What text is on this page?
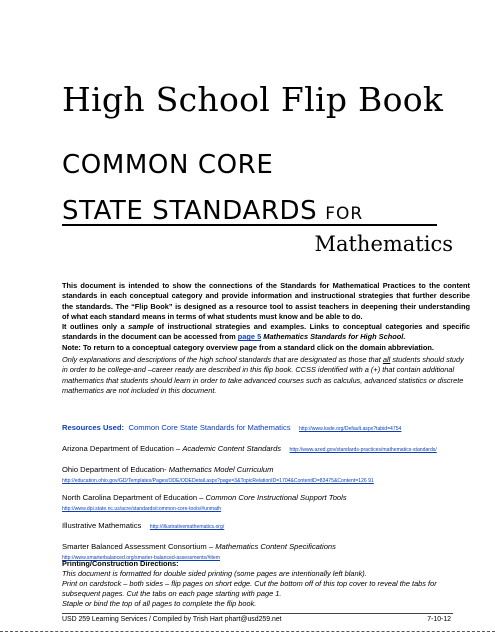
High School Flip Book
COMMON CORE
STATE STANDARDS FOR
Mathematics
This document is intended to show the connections of the Standards for Mathematical Practices to the content standards in each conceptual category and provide information and instructional strategies that further describe the standards. The “Flip Book” is designed as a resource tool to assist teachers in deepening their understanding of what each standard means in terms of what students must know and be able to do.
It outlines only a sample of instructional strategies and examples. Links to conceptual categories and specific standards in the document can be accessed from page 5 Mathematics Standards for High School.
Note: To return to a conceptual category overview page from a standard click on the domain abbreviation.
Only explanations and descriptions of the high school standards that are designated as those that all students should study in order to be college-and –career ready are described in this flip book. CCSS identified with a (+) that contain additional mathematics that students should learn in order to take advanced courses such as calculus, advanced statistics or discrete mathematics are not included in this document.
Resources Used: Common Core State Standards for Mathematics http://www.ksde.org/Default.aspx?tabid=4754
Arizona Department of Education – Academic Content Standards http://www.azed.gov/standards-practices/mathematics-standards/
Ohio Department of Education- Mathematics Model Curriculum
http://education.ohio.gov/GD/Templates/Pages/ODE/ODEDetail.aspx?page=3&TopicRelationID=1704&ContentID=83475&Content=126 91
North Carolina Department of Education – Common Core Instructional Support Tools
http://www.dpi.state.nc.us/acre/standards/common-core-tools/#unmath
Illustrative Mathematics http://illustrativemathematics.org/
Smarter Balanced Assessment Consortium – Mathematics Content Specifications
http://www.smarterbalanced.org/smarter-balanced-assessments/#item
Printing/Construction Directions:
This document is formatted for double sided printing (some pages are intentionally left blank).
Print on cardstock – both sides – flip pages on short edge. Cut the bottom off of this top cover to reveal the tabs for subsequent pages. Cut the tabs on each page starting with page 1.
Staple or bind the top of all pages to complete the flip book.
USD 259 Learning Services / Compiled by Trish Hart phart@usd259.net	7-10-12
